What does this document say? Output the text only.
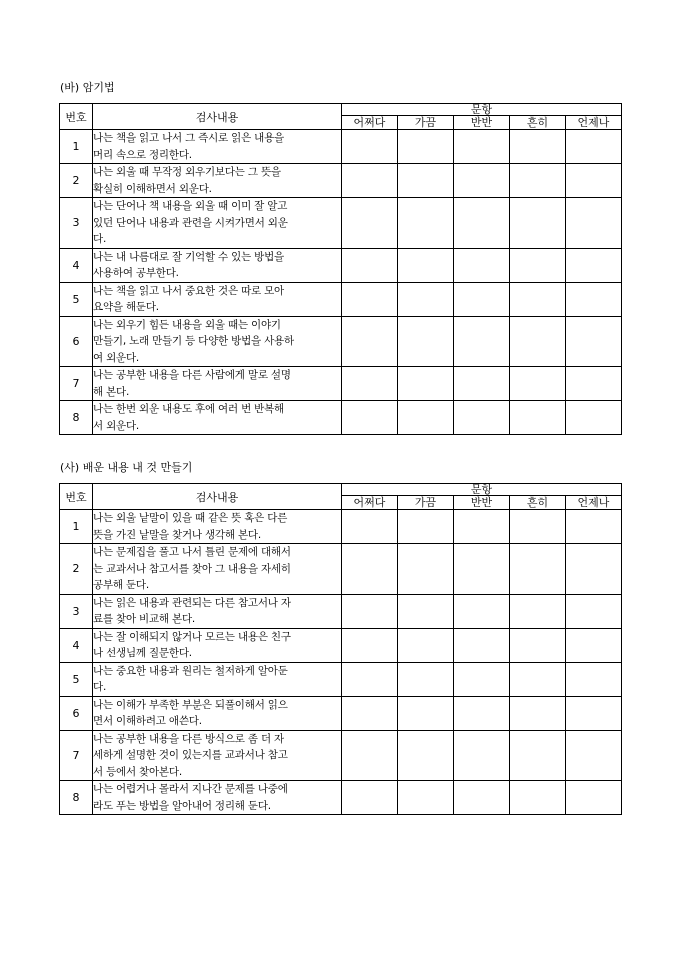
(바) 암기법
번호	검사내용	문항				
		어쩌다	가끔	반반	흔히	언제나
1	나는 책을 읽고 나서 그 즉시로 읽은 내용을
머리 속으로 정리한다.					

2	나는 외울 때 무작정 외우기보다는 그 뜻을
확실히 이해하면서 외운다.					

3	나는 단어나 책 내용을 외울 때 이미 잘 알고
있던 단어나 내용과 관련을 시켜가면서 외운
다.					

4	나는 내 나름대로 잘 기억할 수 있는 방법을
사용하여 공부한다.					

5	나는 책을 읽고 나서 중요한 것은 따로 모아
요약을 해둔다.					

6	나는 외우기 힘든 내용을 외울 때는 이야기
만들기, 노래 만들기 등 다양한 방법을 사용하
여 외운다.					

7	나는 공부한 내용을 다른 사람에게 말로 설명
해 본다.					

8	나는 한번 외운 내용도 후에 여러 번 반복해
서 외운다.					

(사) 배운 내용 내 것 만들기
번호	검사내용	문항				
		어쩌다	가끔	반반	흔히	언제나
1	나는 외울 낱말이 있을 때 같은 뜻 혹은 다른
뜻을 가진 낱말을 찾거나 생각해 본다.					

2	나는 문제집을 풀고 나서 틀린 문제에 대해서
는 교과서나 참고서를 찾아 그 내용을 자세히
공부해 둔다.					

3	나는 읽은 내용과 관련되는 다른 참고서나 자
료를 찾아 비교해 본다.					

4	나는 잘 이해되지 않거나 모르는 내용은 친구
나 선생님께 질문한다.					

5	나는 중요한 내용과 원리는 철저하게 알아둔
다.					

6	나는 이해가 부족한 부분은 되풀이해서 읽으
면서 이해하려고 애쓴다.					

7	나는 공부한 내용을 다른 방식으로 좀 더 자
세하게 설명한 것이 있는지를 교과서나 참고
서 등에서 찾아본다.					

8	나는 어렵거나 몰라서 지나간 문제를 나중에
라도 푸는 방법을 알아내어 정리해 둔다.					
